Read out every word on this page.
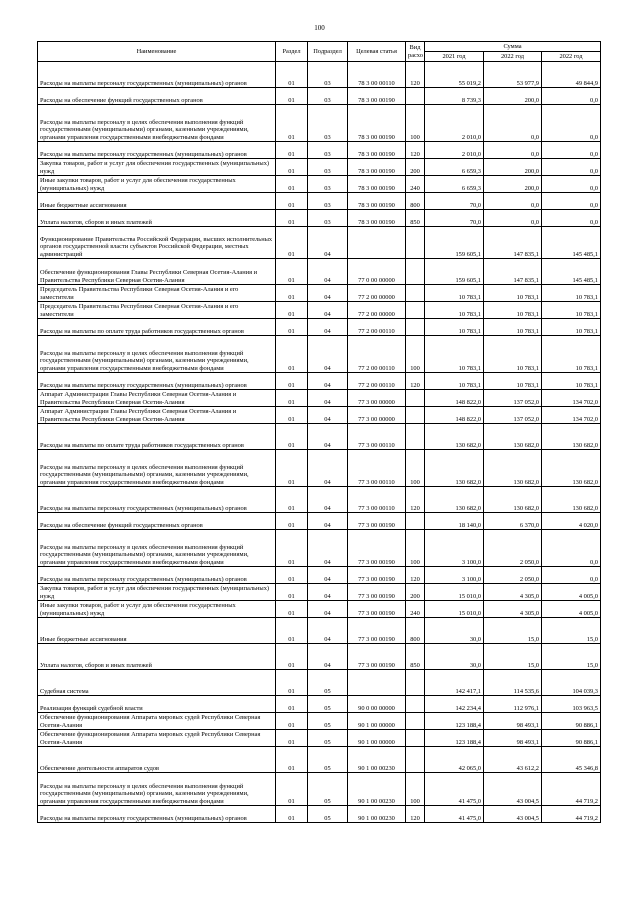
100
Наименование	Раздел	Подраздел	Целевая статья	Вид расхо	Сумма		
					2021 год	2022 год	2022 год
Расходы на выплаты персоналу государственных (муниципальных) органов	01	03	78 3 00 00110	120	55 019,2	53 977,9	49 844,9
Расходы на обеспечение функций государственных органов	01	03	78 3 00 00190		8 739,3	200,0	0,0
Расходы на выплаты персоналу в целях обеспечения выполнения функций государственными (муниципальными) органами, казенными учреждениями, органами управления государственными внебюджетными фондами	01	03	78 3 00 00190	100	2 010,0	0,0	0,0
Расходы на выплаты персоналу государственных (муниципальных) органов	01	03	78 3 00 00190	120	2 010,0	0,0	0,0
Закупка товаров, работ и услуг для обеспечения государственных (муниципальных) нужд	01	03	78 3 00 00190	200	6 659,3	200,0	0,0
Иные закупки товаров, работ и услуг для обеспечения государственных (муниципальных) нужд	01	03	78 3 00 00190	240	6 659,3	200,0	0,0
Иные бюджетные ассигнования	01	03	78 3 00 00190	800	70,0	0,0	0,0
Уплата налогов, сборов и иных платежей	01	03	78 3 00 00190	850	70,0	0,0	0,0
Функционирование Правительства Российской Федерации, высших исполнительных органов государственной власти субъектов Российской Федерации, местных администраций	01	04			159 605,1	147 835,1	145 485,1
Обеспечение функционирования Главы Республики Северная Осетия-Алания и Правительства Республики Северная Осетия-Алания	01	04	77 0 00 00000		159 605,1	147 835,1	145 485,1
Председатель Правительства Республики Северная Осетия-Алания и его заместители	01	04	77 2 00 00000		10 783,1	10 783,1	10 783,1
Председатель Правительства Республики Северная Осетия-Алания и его заместители	01	04	77 2 00 00000		10 783,1	10 783,1	10 783,1
Расходы на выплаты по оплате труда работников государственных органов	01	04	77 2 00 00110		10 783,1	10 783,1	10 783,1
Расходы на выплаты персоналу в целях обеспечения выполнения функций государственными (муниципальными) органами, казенными учреждениями, органами управления государственными внебюджетными фондами	01	04	77 2 00 00110	100	10 783,1	10 783,1	10 783,1
Расходы на выплаты персоналу государственных (муниципальных) органов	01	04	77 2 00 00110	120	10 783,1	10 783,1	10 783,1
Аппарат Администрации Главы Республики Северная Осетия-Алания и Правительства Республики Северная Осетия-Алания	01	04	77 3 00 00000		148 822,0	137 052,0	134 702,0
Аппарат Администрации Главы Республики Северная Осетия-Алания и Правительства Республики Северная Осетия-Алания	01	04	77 3 00 00000		148 822,0	137 052,0	134 702,0
Расходы на выплаты по оплате труда работников государственных органов	01	04	77 3 00 00110		130 682,0	130 682,0	130 682,0
Расходы на выплаты персоналу в целях обеспечения выполнения функций государственными (муниципальными) органами, казенными учреждениями, органами управления государственными внебюджетными фондами	01	04	77 3 00 00110	100	130 682,0	130 682,0	130 682,0
Расходы на выплаты персоналу государственных (муниципальных) органов	01	04	77 3 00 00110	120	130 682,0	130 682,0	130 682,0
Расходы на обеспечение функций государственных органов	01	04	77 3 00 00190		18 140,0	6 370,0	4 020,0
Расходы на выплаты персоналу в целях обеспечения выполнения функций государственными (муниципальными) органами, казенными учреждениями, органами управления государственными внебюджетными фондами	01	04	77 3 00 00190	100	3 100,0	2 050,0	0,0
Расходы на выплаты персоналу государственных (муниципальных) органов	01	04	77 3 00 00190	120	3 100,0	2 050,0	0,0
Закупка товаров, работ и услуг для обеспечения государственных (муниципальных) нужд	01	04	77 3 00 00190	200	15 010,0	4 305,0	4 005,0
Иные закупки товаров, работ и услуг для обеспечения государственных (муниципальных) нужд	01	04	77 3 00 00190	240	15 010,0	4 305,0	4 005,0
Иные бюджетные ассигнования	01	04	77 3 00 00190	800	30,0	15,0	15,0
Уплата налогов, сборов и иных платежей	01	04	77 3 00 00190	850	30,0	15,0	15,0
Судебная система	01	05			142 417,1	114 535,6	104 039,3
Реализация функций судебной власти	01	05	90 0 00 00000		142 234,4	112 976,1	103 963,5
Обеспечение функционирования Аппарата мировых судей Республики Северная Осетия-Алания	01	05	90 1 00 00000		123 188,4	98 493,1	90 886,1
Обеспечение функционирования Аппарата мировых судей Республики Северная Осетия-Алания	01	05	90 1 00 00000		123 188,4	98 493,1	90 886,1
Обеспечение деятельности аппаратов судов	01	05	90 1 00 00230		42 065,0	43 612,2	45 346,8
Расходы на выплаты персоналу в целях обеспечения выполнения функций государственными (муниципальными) органами, казенными учреждениями, органами управления государственными внебюджетными фондами	01	05	90 1 00 00230	100	41 475,0	43 004,5	44 719,2
Расходы на выплаты персоналу государственных (муниципальных) органов	01	05	90 1 00 00230	120	41 475,0	43 004,5	44 719,2
